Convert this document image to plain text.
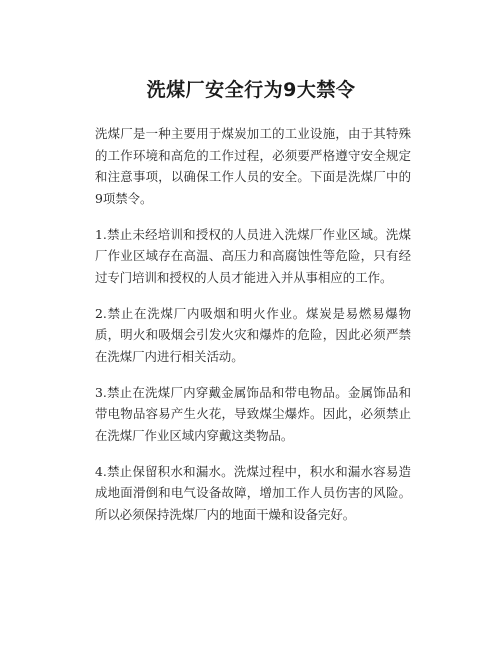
洗煤厂安全行为9大禁令

洗煤厂是一种主要用于煤炭加工的工业设施，由于其特殊的工作环境和高危的工作过程，必须要严格遵守安全规定和注意事项，以确保工作人员的安全。下面是洗煤厂中的9项禁令。

1.禁止未经培训和授权的人员进入洗煤厂作业区域。洗煤厂作业区域存在高温、高压力和高腐蚀性等危险，只有经过专门培训和授权的人员才能进入并从事相应的工作。

2.禁止在洗煤厂内吸烟和明火作业。煤炭是易燃易爆物质，明火和吸烟会引发火灾和爆炸的危险，因此必须严禁在洗煤厂内进行相关活动。

3.禁止在洗煤厂内穿戴金属饰品和带电物品。金属饰品和带电物品容易产生火花，导致煤尘爆炸。因此，必须禁止在洗煤厂作业区域内穿戴这类物品。

4.禁止保留积水和漏水。洗煤过程中，积水和漏水容易造成地面滑倒和电气设备故障，增加工作人员伤害的风险。所以必须保持洗煤厂内的地面干燥和设备完好。
